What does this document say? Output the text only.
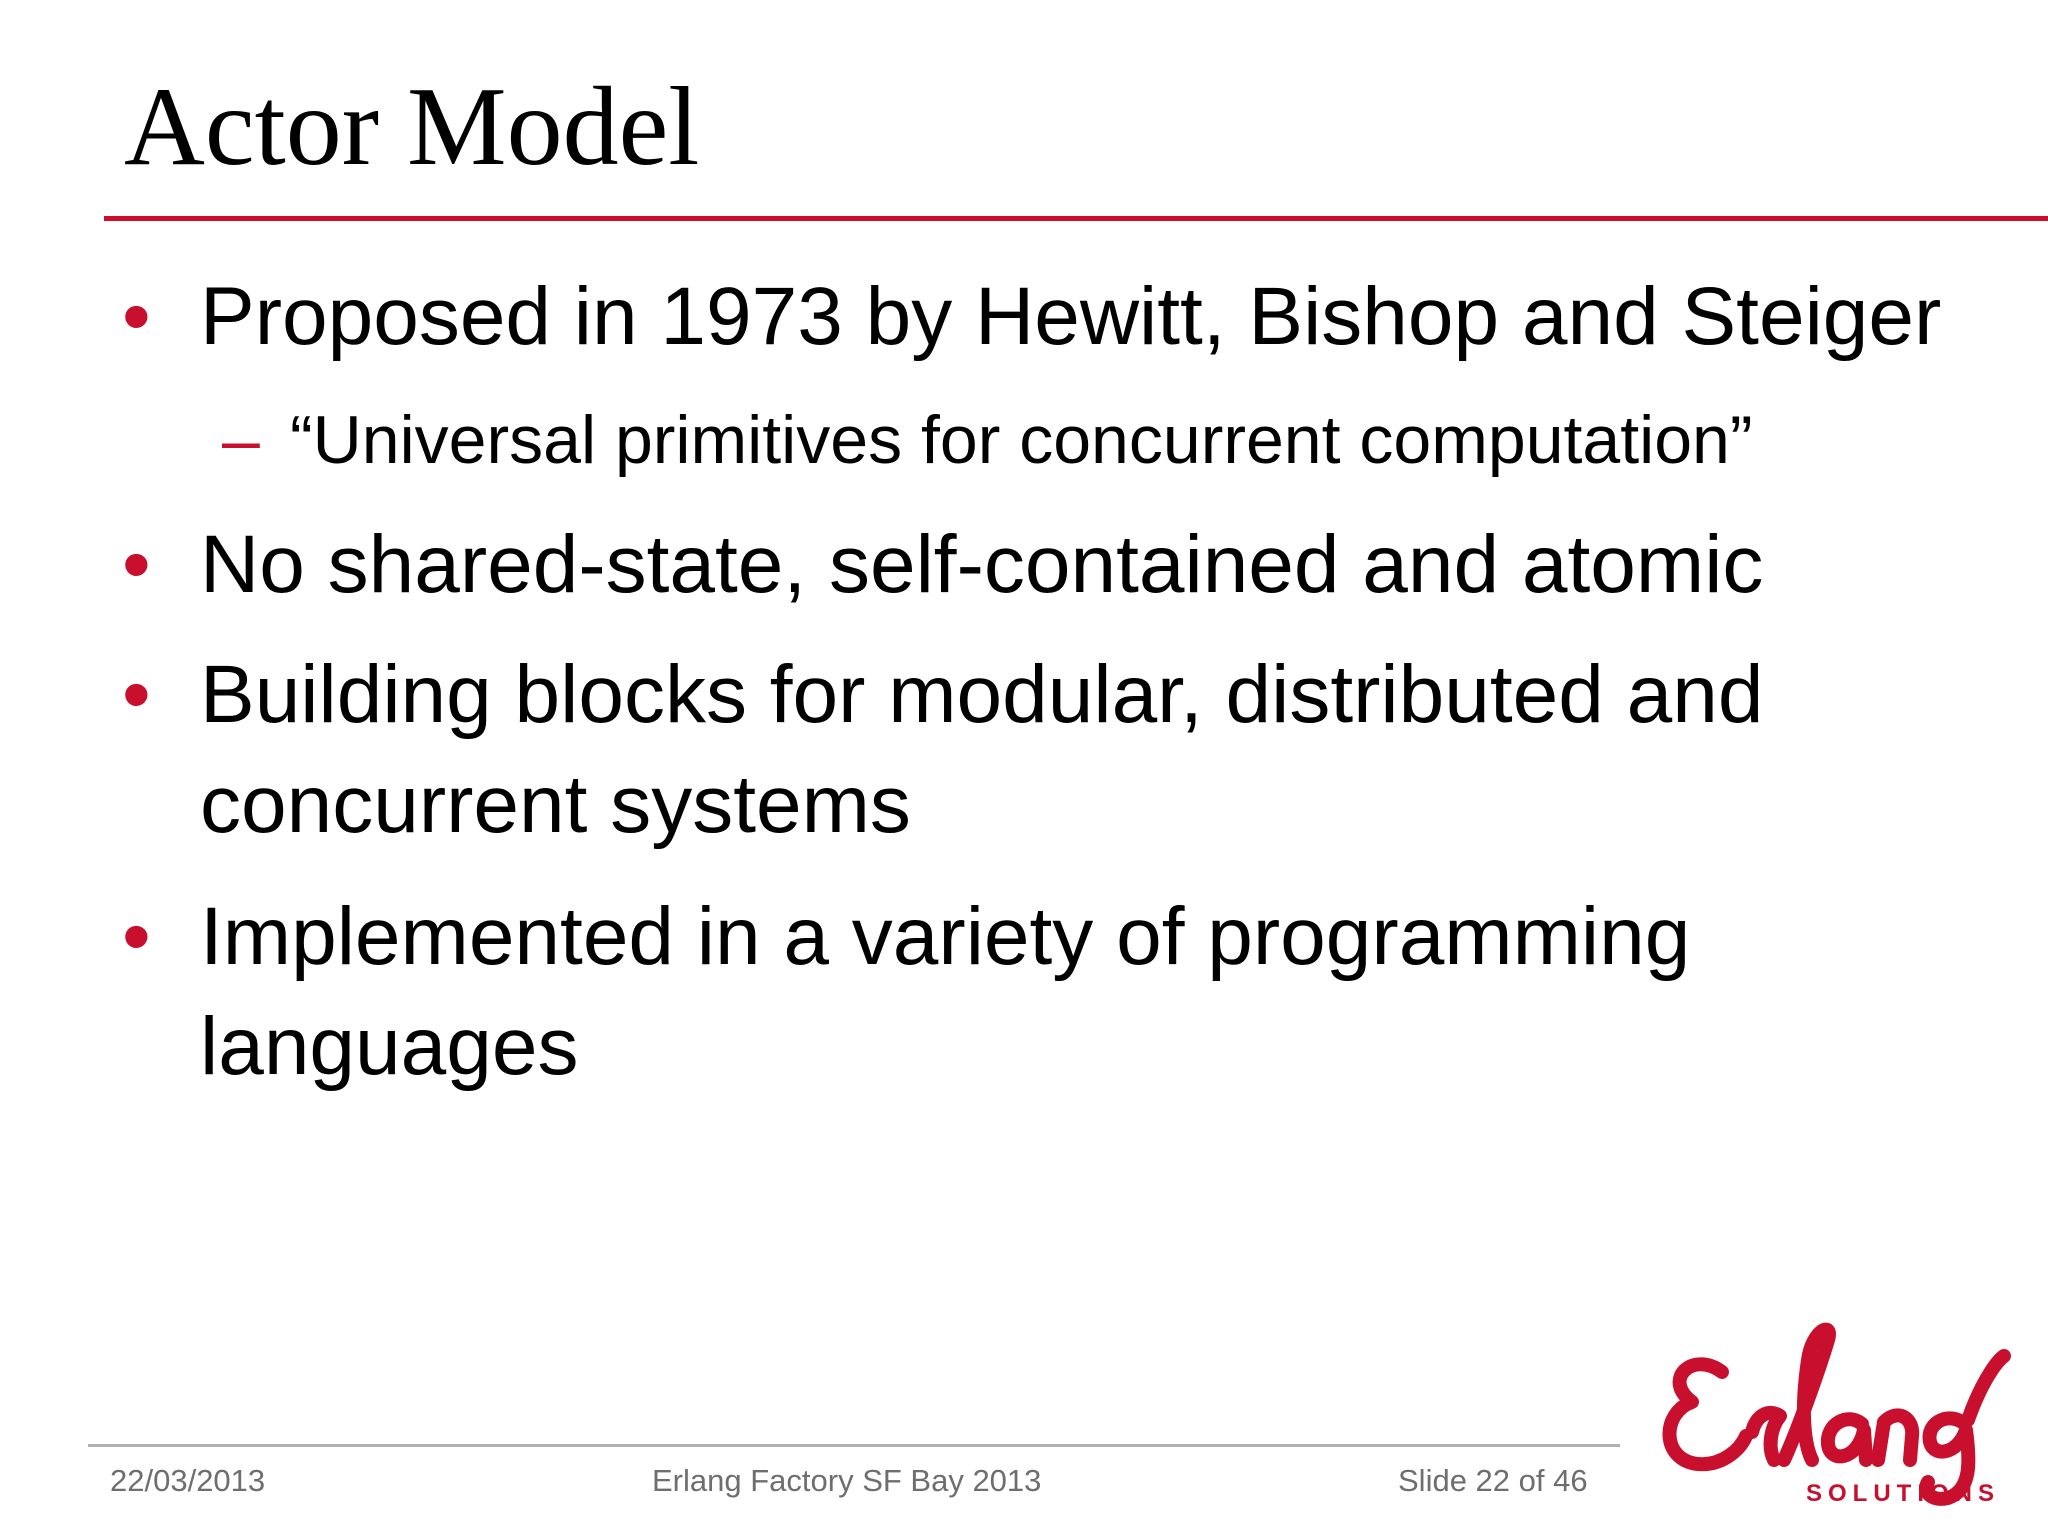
Actor Model
• Proposed in 1973 by Hewitt, Bishop and Steiger
– “Universal primitives for concurrent computation”
• No shared-state, self-contained and atomic
• Building blocks for modular, distributed and
concurrent systems
• Implemented in a variety of programming
languages
22/03/2013	Erlang Factory SF Bay 2013	Slide 22 of 46	SOLUTIONS
